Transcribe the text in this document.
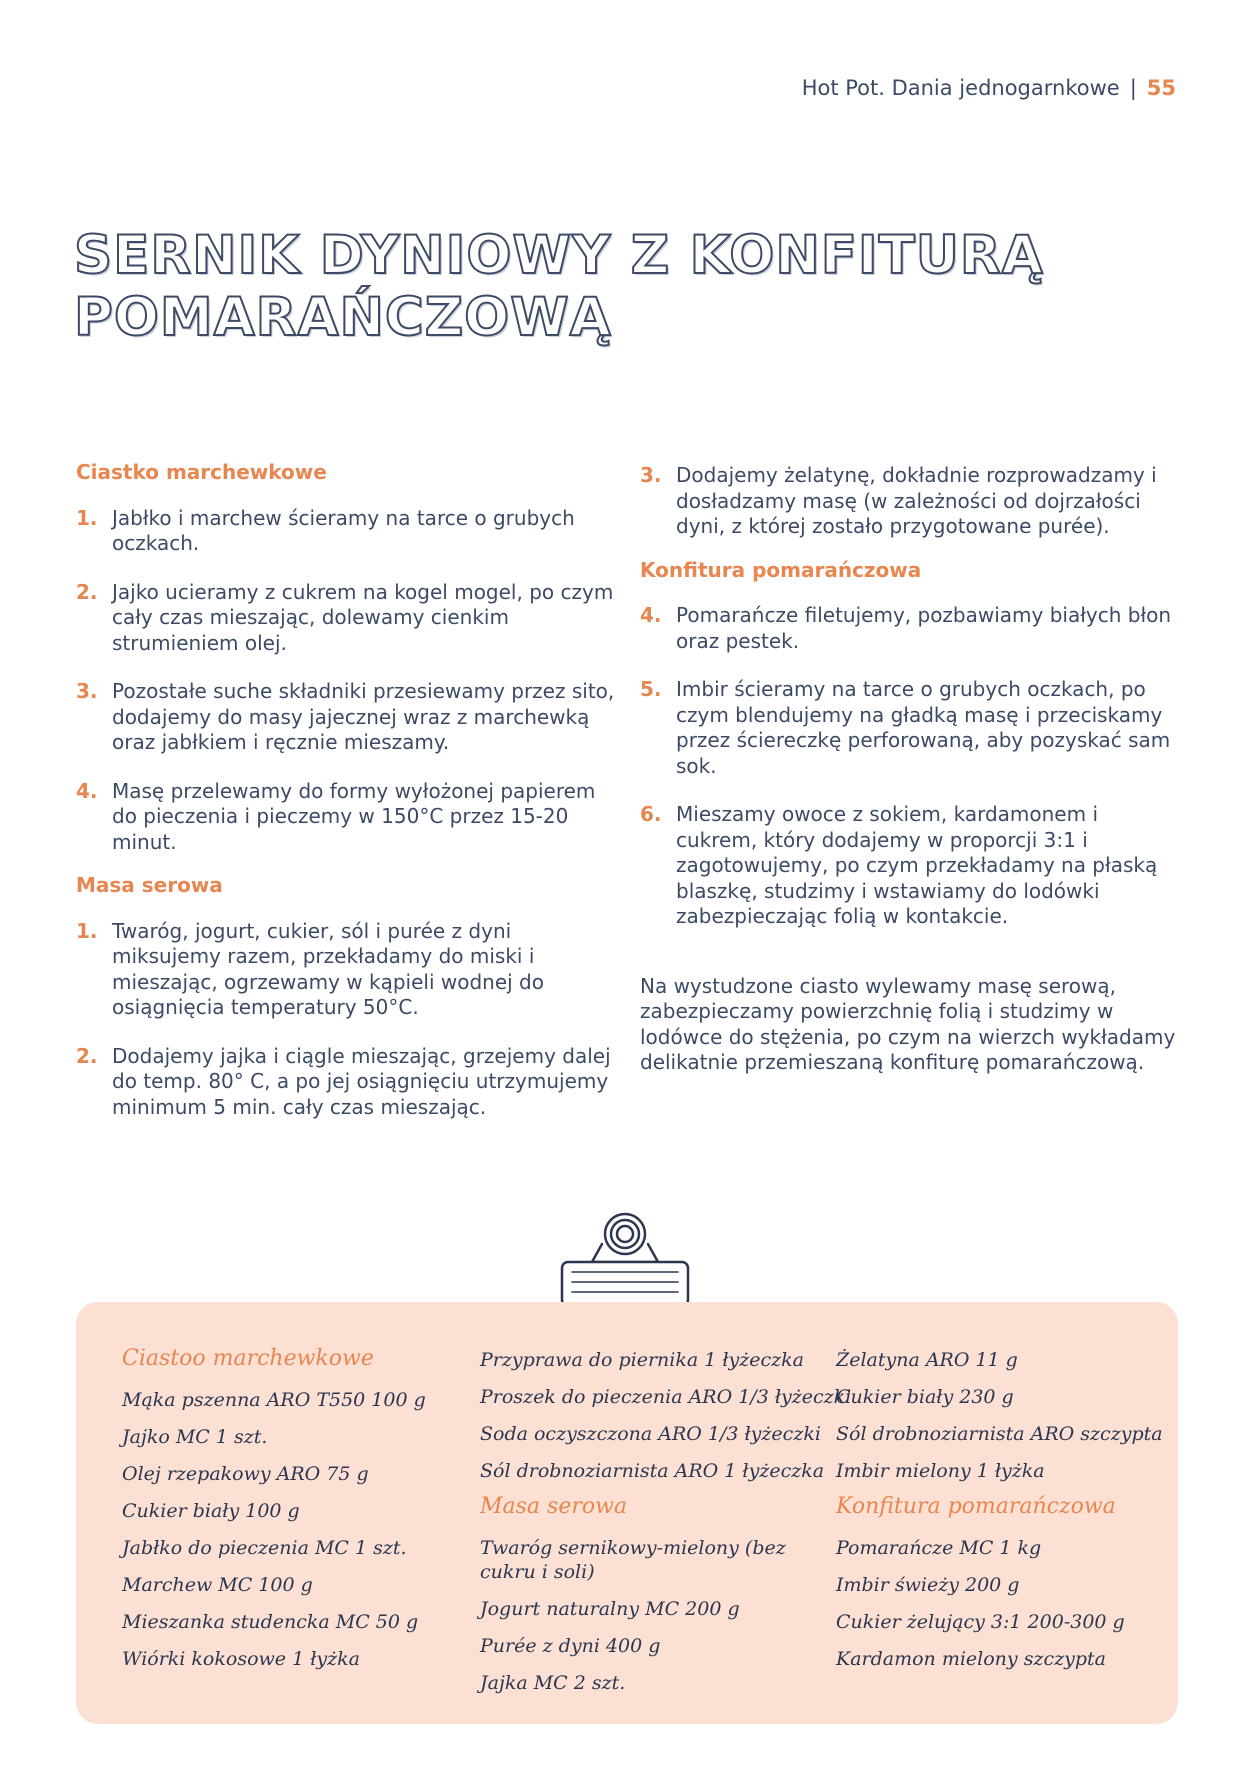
Hot Pot. Dania jednogarnkowe | 55
SERNIK DYNIOWY Z KONFITURĄ
POMARAŃCZOWĄ
Ciastko marchewkowe
1. Jabłko i marchew ścieramy na tarce o grubych oczkach.
2. Jajko ucieramy z cukrem na kogel mogel, po czym cały czas mieszając, dolewamy cienkim strumieniem olej.
3. Pozostałe suche składniki przesiewamy przez sito, dodajemy do masy jajecznej wraz z marchewką oraz jabłkiem i ręcznie mieszamy.
4. Masę przelewamy do formy wyłożonej papierem do pieczenia i pieczemy w 150°C przez 15-20 minut.
Masa serowa
1. Twaróg, jogurt, cukier, sól i purée z dyni miksujemy razem, przekładamy do miski i mieszając, ogrzewamy w kąpieli wodnej do osiągnięcia temperatury 50°C.
2. Dodajemy jajka i ciągle mieszając, grzejemy dalej do temp. 80° C, a po jej osiągnięciu utrzymujemy minimum 5 min. cały czas mieszając.
3. Dodajemy żelatynę, dokładnie rozprowadzamy i dosładzamy masę (w zależności od dojrzałości dyni, z której zostało przygotowane purée).
Konfitura pomarańczowa
4. Pomarańcze filetujemy, pozbawiamy białych błon oraz pestek.
5. Imbir ścieramy na tarce o grubych oczkach, po czym blendujemy na gładką masę i przeciskamy przez ściereczkę perforowaną, aby pozyskać sam sok.
6. Mieszamy owoce z sokiem, kardamonem i cukrem, który dodajemy w proporcji 3:1 i zagotowujemy, po czym przekładamy na płaską blaszkę, studzimy i wstawiamy do lodówki zabezpieczając folią w kontakcie.

Na wystudzone ciasto wylewamy masę serową, zabezpieczamy powierzchnię folią i studzimy w lodówce do stężenia, po czym na wierzch wykładamy delikatnie przemieszaną konfiturę pomarańczową.

Ciastoo marchewkowe
Mąka pszenna ARO T550 100 g
Jajko MC 1 szt.
Olej rzepakowy ARO 75 g
Cukier biały 100 g
Jabłko do pieczenia MC 1 szt.
Marchew MC 100 g
Mieszanka studencka MC 50 g
Wiórki kokosowe 1 łyżka
Przyprawa do piernika 1 łyżeczka
Proszek do pieczenia ARO 1/3 łyżeczki
Soda oczyszczona ARO 1/3 łyżeczki
Sól drobnoziarnista ARO 1 łyżeczka
Masa serowa
Twaróg sernikowy-mielony (bez cukru i soli)
Jogurt naturalny MC 200 g
Purée z dyni 400 g
Jajka MC 2 szt.
Żelatyna ARO 11 g
Cukier biały 230 g
Sól drobnoziarnista ARO szczypta
Imbir mielony 1 łyżka
Konfitura pomarańczowa
Pomarańcze MC 1 kg
Imbir świeży 200 g
Cukier żelujący 3:1 200-300 g
Kardamon mielony szczypta
